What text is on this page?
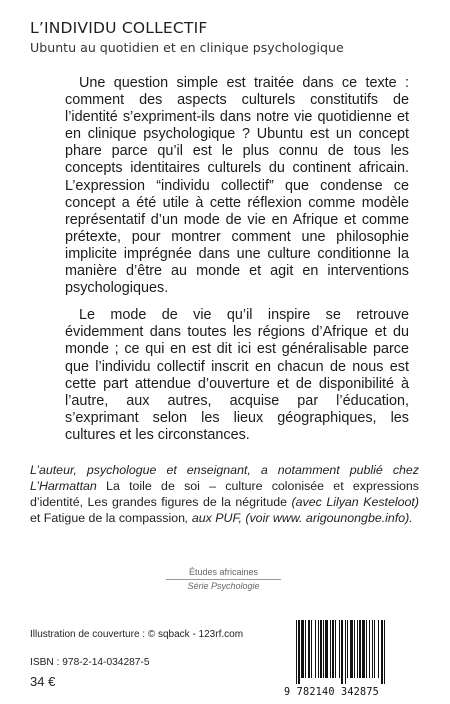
L’INDIVIDU COLLECTIF
Ubuntu au quotidien et en clinique psychologique

Une question simple est traitée dans ce texte : comment des aspects culturels constitutifs de l’identité s’expriment-ils dans notre vie quotidienne et en clinique psychologique ? Ubuntu est un concept phare parce qu’il est le plus connu de tous les concepts identitaires culturels du continent africain. L’expression “individu collectif” que condense ce concept a été utile à cette réflexion comme modèle représentatif d’un mode de vie en Afrique et comme prétexte, pour montrer comment une philosophie implicite imprégnée dans une culture conditionne la manière d’être au monde et agit en interventions psychologiques.

Le mode de vie qu’il inspire se retrouve évidemment dans toutes les régions d’Afrique et du monde ; ce qui en est dit ici est généralisable parce que l’individu collectif inscrit en chacun de nous est cette part attendue d’ouverture et de disponibilité à l’autre, aux autres, acquise par l’éducation, s’exprimant selon les lieux géographiques, les cultures et les circonstances.

L’auteur, psychologue et enseignant, a notamment publié chez L’Harmattan La toile de soi – culture colonisée et expressions d’identité, Les grandes figures de la négritude (avec Lilyan Kesteloot) et Fatigue de la compassion, aux PUF, (voir www. arigounongbe.info).
Études africaines
Série Psychologie
Illustration de couverture : © sqback - 123rf.com
ISBN : 978-2-14-034287-5
34 €
9 782140 342875
